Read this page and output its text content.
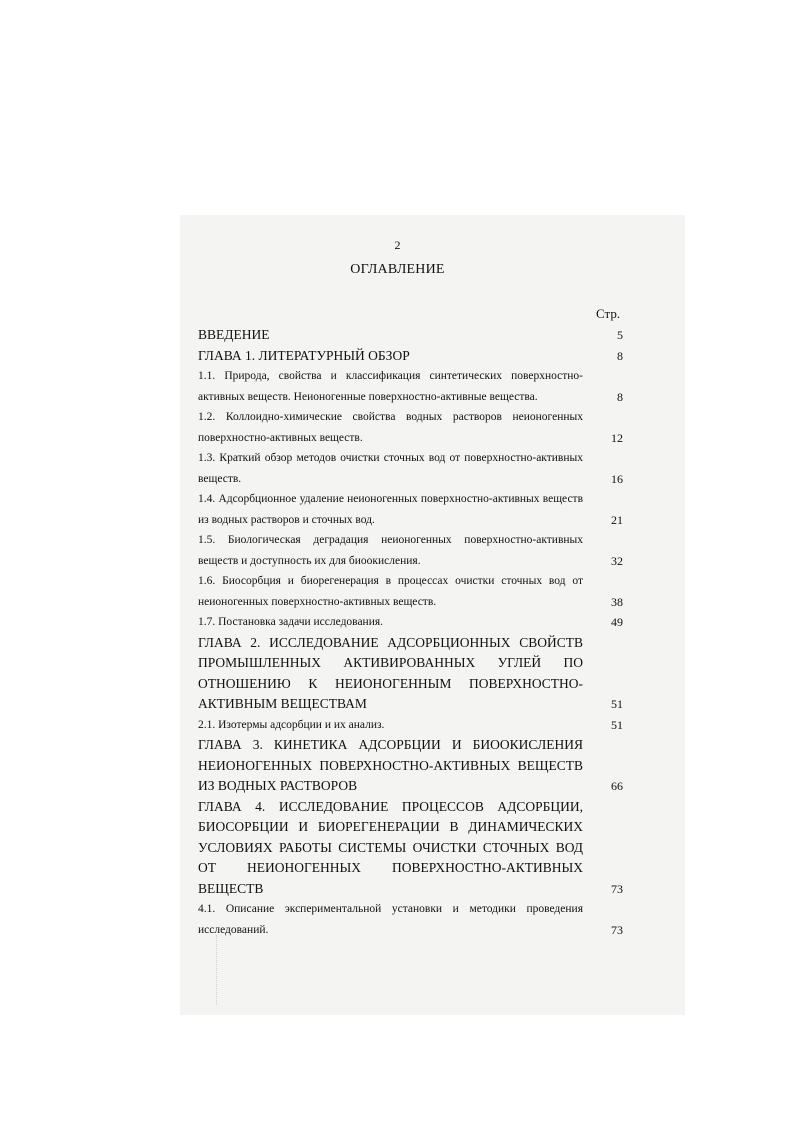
2
ОГЛАВЛЕНИЕ
Стр.
ВВЕДЕНИЕ	5
ГЛАВА 1. ЛИТЕРАТУРНЫЙ ОБЗОР	8
1.1. Природа, свойства и классификация синтетических поверхностно-активных веществ. Неионогенные поверхностно-активные вещества.	8
1.2. Коллоидно-химические свойства водных растворов неионогенных поверхностно-активных веществ.	12
1.3. Краткий обзор методов очистки сточных вод от поверхностно-активных веществ.	16
1.4. Адсорбционное удаление неионогенных поверхностно-активных веществ из водных растворов и сточных вод.	21
1.5. Биологическая деградация неионогенных поверхностно-активных веществ и доступность их для биоокисления.	32
1.6. Биосорбция и биорегенерация в процессах очистки сточных вод от неионогенных поверхностно-активных веществ.	38
1.7. Постановка задачи исследования.	49
ГЛАВА 2. ИССЛЕДОВАНИЕ АДСОРБЦИОННЫХ СВОЙСТВ ПРОМЫШЛЕННЫХ АКТИВИРОВАННЫХ УГЛЕЙ ПО ОТНОШЕНИЮ К НЕИОНОГЕННЫМ ПОВЕРХНОСТНО-АКТИВНЫМ ВЕЩЕСТВАМ	51
2.1. Изотермы адсорбции и их анализ.	51
ГЛАВА 3. КИНЕТИКА АДСОРБЦИИ И БИООКИСЛЕНИЯ НЕИОНОГЕННЫХ ПОВЕРХНОСТНО-АКТИВНЫХ ВЕЩЕСТВ ИЗ ВОДНЫХ РАСТВОРОВ	66
ГЛАВА 4. ИССЛЕДОВАНИЕ ПРОЦЕССОВ АДСОРБЦИИ, БИОСОРБЦИИ И БИОРЕГЕНЕРАЦИИ В ДИНАМИЧЕСКИХ УСЛОВИЯХ РАБОТЫ СИСТЕМЫ ОЧИСТКИ СТОЧНЫХ ВОД ОТ НЕИОНОГЕННЫХ ПОВЕРХНОСТНО-АКТИВНЫХ ВЕЩЕСТВ	73
4.1. Описание экспериментальной установки и методики проведения исследований.	73
